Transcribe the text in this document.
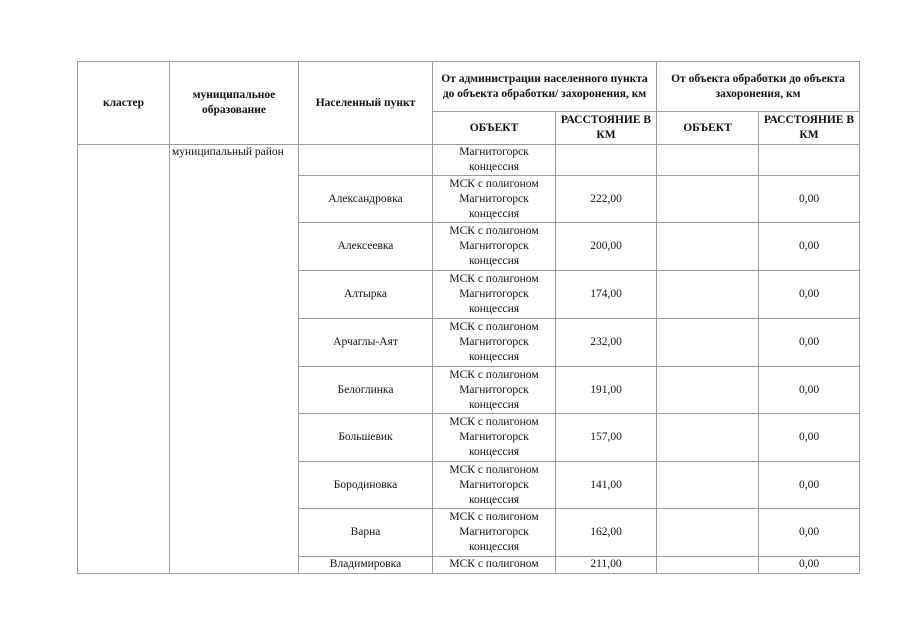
кластер	муниципальное образование	Населенный пункт	От администрации населенного пункта до объекта обработки/ захоронения, км		От объекта обработки до объекта захоронения, км	
			ОБЪЕКТ	РАССТОЯНИЕ В КМ	ОБЪЕКТ	РАССТОЯНИЕ В КМ
	муниципальный район		Магнитогорск концессия			
		Александровка	МСК с полигоном Магнитогорск концессия	222,00		0,00
		Алексеевка	МСК с полигоном Магнитогорск концессия	200,00		0,00
		Алтырка	МСК с полигоном Магнитогорск концессия	174,00		0,00
		Арчаглы-Аят	МСК с полигоном Магнитогорск концессия	232,00		0,00
		Белоглинка	МСК с полигоном Магнитогорск концессия	191,00		0,00
		Большевик	МСК с полигоном Магнитогорск концессия	157,00		0,00
		Бородиновка	МСК с полигоном Магнитогорск концессия	141,00		0,00
		Варна	МСК с полигоном Магнитогорск концессия	162,00		0,00
		Владимировка	МСК с полигоном	211,00		0,00
